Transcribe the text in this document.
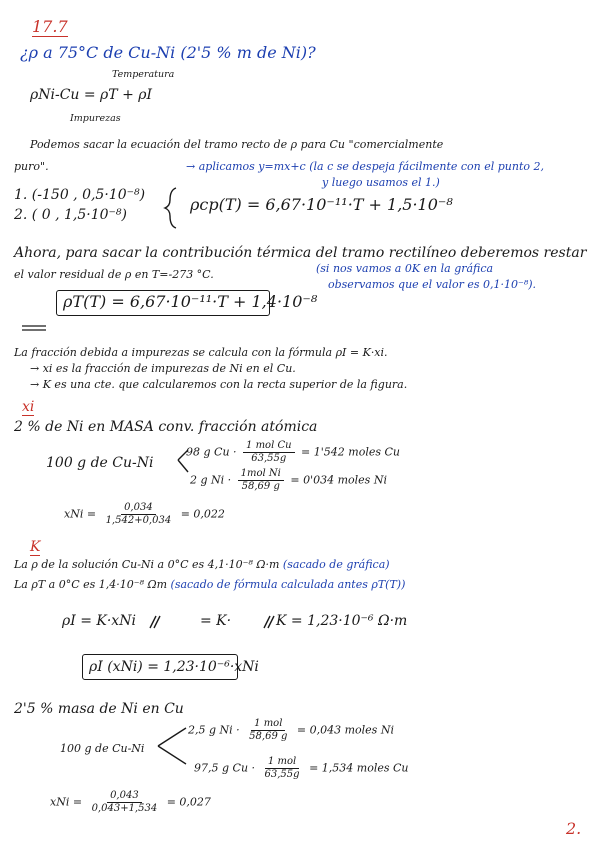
17.7
¿ρ a 75°C de Cu-Ni (2'5 % m de Ni)?
Temperatura
ρNi-Cu = ρT + ρI
Impurezas
Podemos sacar la ecuación del tramo recto de ρ para Cu "comercialmente
puro".	→ aplicamos y=mx+c (la c se despeja fácilmente con el punto 2,
y luego usamos el 1.)
1. (-150 , 0,5·10⁻⁸)
2. ( 0 , 1,5·10⁻⁸)
ρcp(T) = 6,67·10⁻¹¹·T + 1,5·10⁻⁸
Ahora, para sacar la contribución térmica del tramo rectilíneo deberemos restar
el valor residual de ρ en T=-273 °C.	(si nos vamos a 0K en la gráfica
observamos que el valor es 0,1·10⁻⁸).
ρT(T) = 6,67·10⁻¹¹·T + 1,4·10⁻⁸
La fracción debida a impurezas se calcula con la fórmula ρI = K·xi.
→ xi es la fracción de impurezas de Ni en el Cu.
→ K es una cte. que calcularemos con la recta superior de la figura.
xi
2 % de Ni en MASA conv. fracción atómica
100 g de Cu-Ni
98 g $Cu \cdot \frac{\text{1 mol Cu}}{63,55g} = 1'542$ moles Cu
2 g $Ni \cdot \frac{\text{1mol Ni}}{58,69 g} = 0'034$ moles Ni
xNi = $\frac{0,034}{1,542+0,034} = 0,022$
K
La ρ de la solución Cu-Ni a 0°C es 4,1·10⁻⁸ Ω·m (sacado de gráfica)
La ρT a 0°C es 1,4·10⁻⁸ Ωm (sacado de fórmula calculada antes ρT(T))
ρI = K·xNi	= K·	K = 1,23·10⁻⁶ Ω·m
ρI (xNi) = 1,23·10⁻⁶·xNi
2'5 % masa de Ni en Cu
100 g de Cu-Ni
2,5 g $Ni \cdot \frac{\text{1 mol}}{58,69 g} = 0,043$ moles Ni
97,5 g $Cu \cdot \frac{\text{1 mol}}{63,55g} = 1,534$ moles Cu
xNi = $\frac{0,043}{0,043+1,534} = 0,027$
2.
